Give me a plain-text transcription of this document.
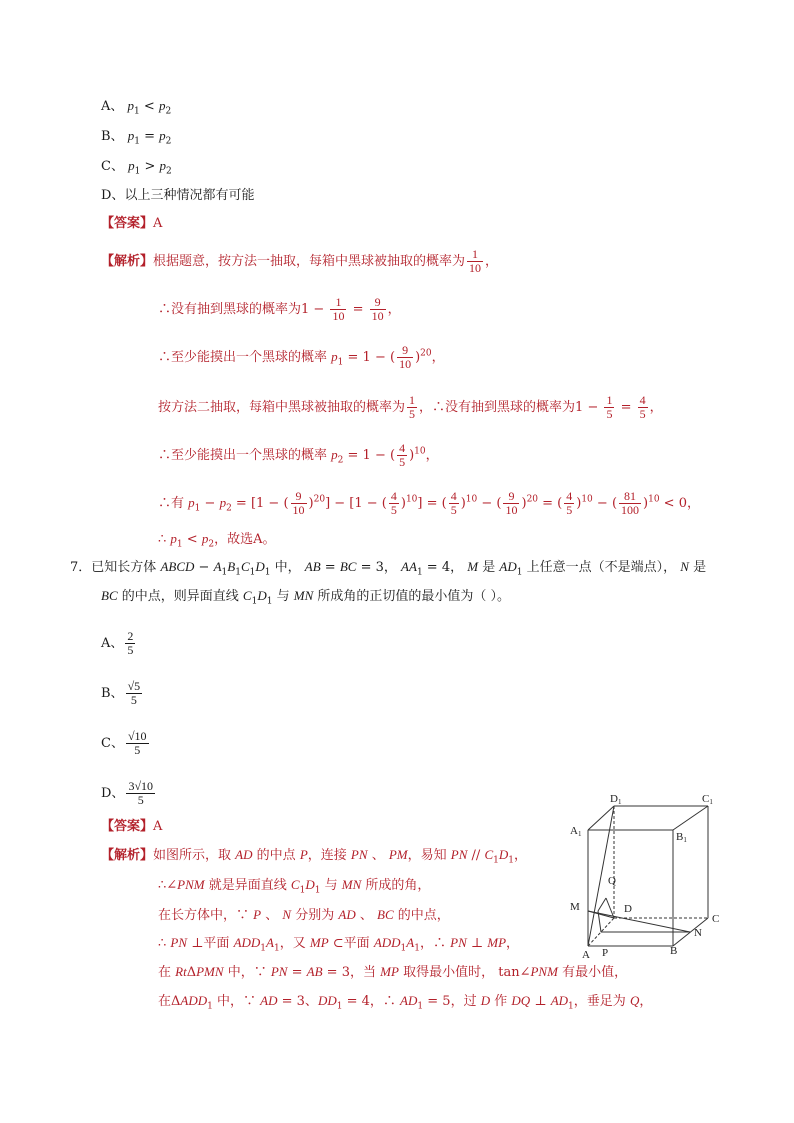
A、 $p_1 < p_2$
B、 $p_1 = p_2$
C、 $p_1 > p_2$
D、以上三种情况都有可能
【答案】A
【解析】根据题意，按方法一抽取，每箱中黑球被抽取的概率为 $\frac{1}{10}$ ，
∴没有抽到黑球的概率为$1 - \frac{1}{10} = \frac{9}{10}$ ，
∴至少能摸出一个黑球的概率 $p_1 = 1$ − ( $\frac{9}{10} )^{20}$，
按方法二抽取，每箱中黑球被抽取的概率为 $\frac{1}{5}$ ，∴没有抽到黑球的概率为$1 - \frac{1}{5} = \frac{4}{5}$ ，
∴至少能摸出一个黑球的概率 $p_2 = 1$ − ( $\frac{4}{5} )^{10}$，
∴有 $p_1 - p_2 = [1$ − ( $\frac{9}{10} )^{20}] - [1$ − ( $\frac{4}{5} )^{10}$] = ( $\frac{4}{5} )^{10}$ − ( $\frac{9}{10} )^{20}$ = ( $\frac{4}{5} )^{10}$ − ( $\frac{81}{100} )^{10} < 0$，
∴ $p_1 < p_2$，故选A。
7．已知长方体 ABCD − $A_1B_1C_1D_1$ 中， AB = BC = 3， $AA_1 = 4$， M 是 $AD_1$ 上任意一点（不是端点）， N 是
BC 的中点，则异面直线 $C_1D_1$ 与 MN 所成角的正切值的最小值为（ ）。
A、 $\frac{2}{5}$
B、 $\frac{√5}{5}$
C、 $\frac{√10}{5}$
D、 $\frac{3√10}{5}$
【答案】A
【解析】如图所示，取 AD 的中点 P，连接 PN 、 PM，易知 PN // $C_1D_1$，
∴∠PNM 就是异面直线 $C_1D_1$ 与 MN 所成的角，
在长方体中，∵ P 、 N 分别为 AD 、 BC 的中点，
∴ PN ⊥平面 $ADD_1A_1$，又 MP ⊂平面 $ADD_1A_1$，∴ PN ⊥ MP，
在 RtΔPMN 中，∵ PN = AB = 3，当 MP 取得最小值时， tan∠PNM 有最小值，
在$\Delta ADD_1$ 中，∵ AD = 3、$DD_1 = 4$，∴ $AD_1 = 5$，过 D 作 DQ ⊥ $AD_1$，垂足为 Q，
D1	C1
A1	B1
Q
M	D
C
N
A P	B
